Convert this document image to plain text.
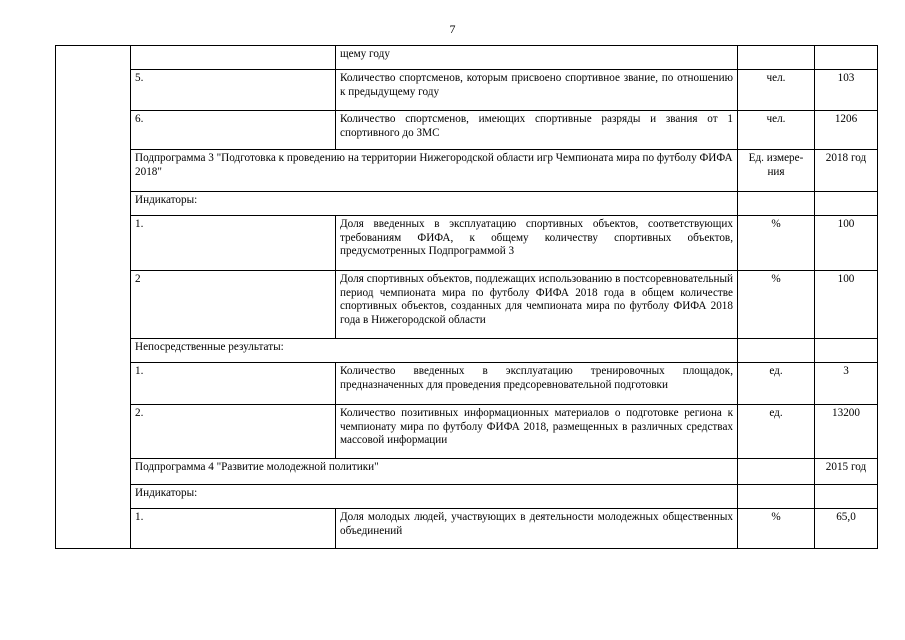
7
		щему году		
	5.	Количество спортсменов, которым присвоено спортивное звание, по отношению к предыдущему году	чел.	103
	6.	Количество спортсменов, имеющих спортивные разряды и звания от 1 спортивного до ЗМС	чел.	1206
	Подпрограмма 3 "Подготовка к проведению на территории Нижегородской области игр Чемпионата мира по футболу ФИФА 2018"		Ед. измере-ния	2018 год
	Индикаторы:			
	1.	Доля введенных в эксплуатацию спортивных объектов, соответствующих требованиям ФИФА, к общему количеству спортивных объектов, предусмотренных Подпрограммой 3	%	100
	2	Доля спортивных объектов, подлежащих использованию в постсоревновательный период чемпионата мира по футболу ФИФА 2018 года в общем количестве спортивных объектов, созданных для чемпионата мира по футболу ФИФА 2018 года в Нижегородской области	%	100
	Непосредственные результаты:			
	1.	Количество введенных в эксплуатацию тренировочных площадок, предназначенных для проведения предсоревновательной подготовки	ед.	3
	2.	Количество позитивных информационных материалов о подготовке региона к чемпионату мира по футболу ФИФА 2018, размещенных в различных средствах массовой информации	ед.	13200
	Подпрограмма 4 "Развитие молодежной политики"			2015 год
	Индикаторы:			
	1.	Доля молодых людей, участвующих в деятельности молодежных общественных объединений	%	65,0
